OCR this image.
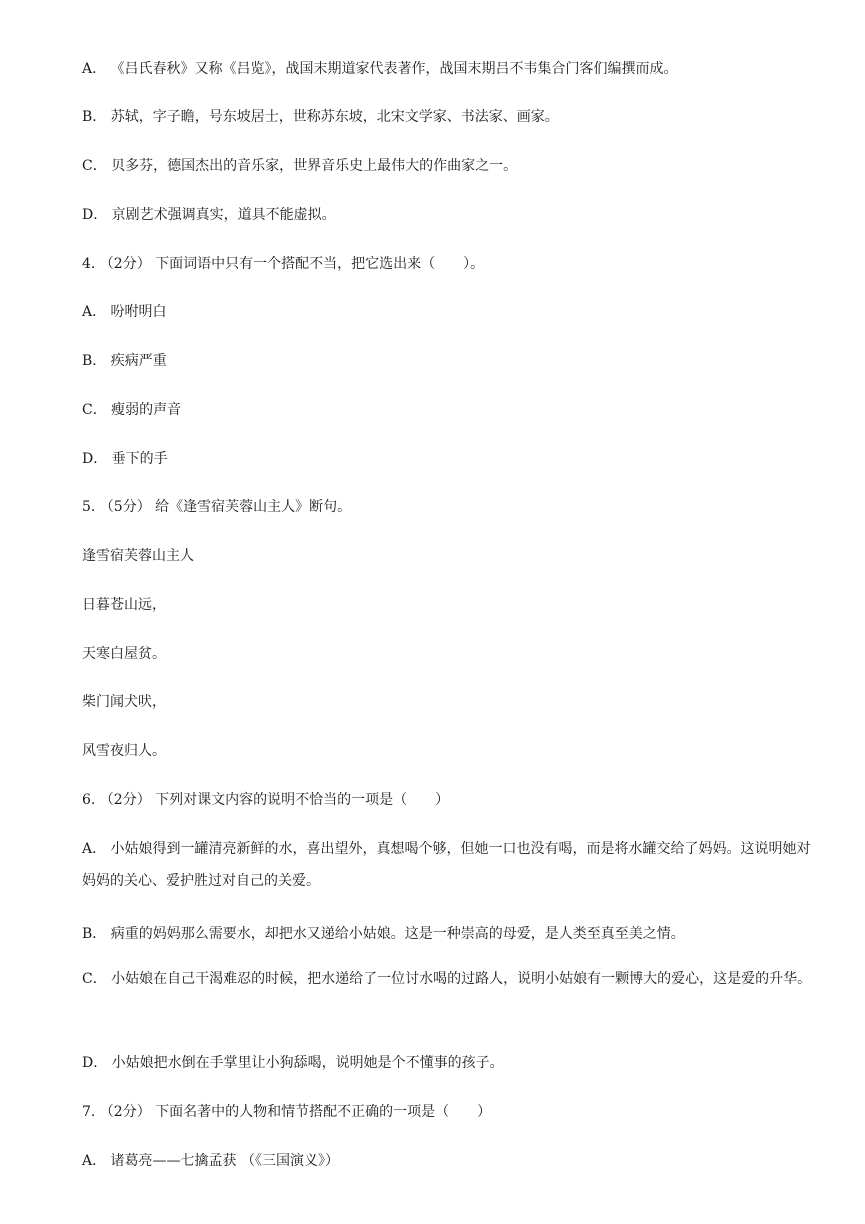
A． 《吕氏春秋》又称《吕览》，战国末期道家代表著作，战国末期吕不韦集合门客们编撰而成。
B． 苏轼，字子瞻，号东坡居士，世称苏东坡，北宋文学家、书法家、画家。
C． 贝多芬，德国杰出的音乐家，世界音乐史上最伟大的作曲家之一。
D． 京剧艺术强调真实，道具不能虚拟。
4. （2分） 下面词语中只有一个搭配不当，把它选出来（　　）。
A． 吩咐明白
B． 疾病严重
C． 瘦弱的声音
D． 垂下的手
5. （5分） 给《逢雪宿芙蓉山主人》断句。
逢雪宿芙蓉山主人
日暮苍山远，
天寒白屋贫。
柴门闻犬吠，
风雪夜归人。
6. （2分） 下列对课文内容的说明不恰当的一项是（　　）
A． 小姑娘得到一罐清亮新鲜的水，喜出望外，真想喝个够，但她一口也没有喝，而是将水罐交给了妈妈。这说明她对妈妈的关心、爱护胜过对自己的关爱。
B． 病重的妈妈那么需要水，却把水又递给小姑娘。这是一种崇高的母爱，是人类至真至美之情。
C． 小姑娘在自己干渴难忍的时候，把水递给了一位讨水喝的过路人，说明小姑娘有一颗博大的爱心，这是爱的升华。
D． 小姑娘把水倒在手掌里让小狗舔喝，说明她是个不懂事的孩子。
7. （2分） 下面名著中的人物和情节搭配不正确的一项是（　　）
A． 诸葛亮——七擒孟获 （《三国演义》）
